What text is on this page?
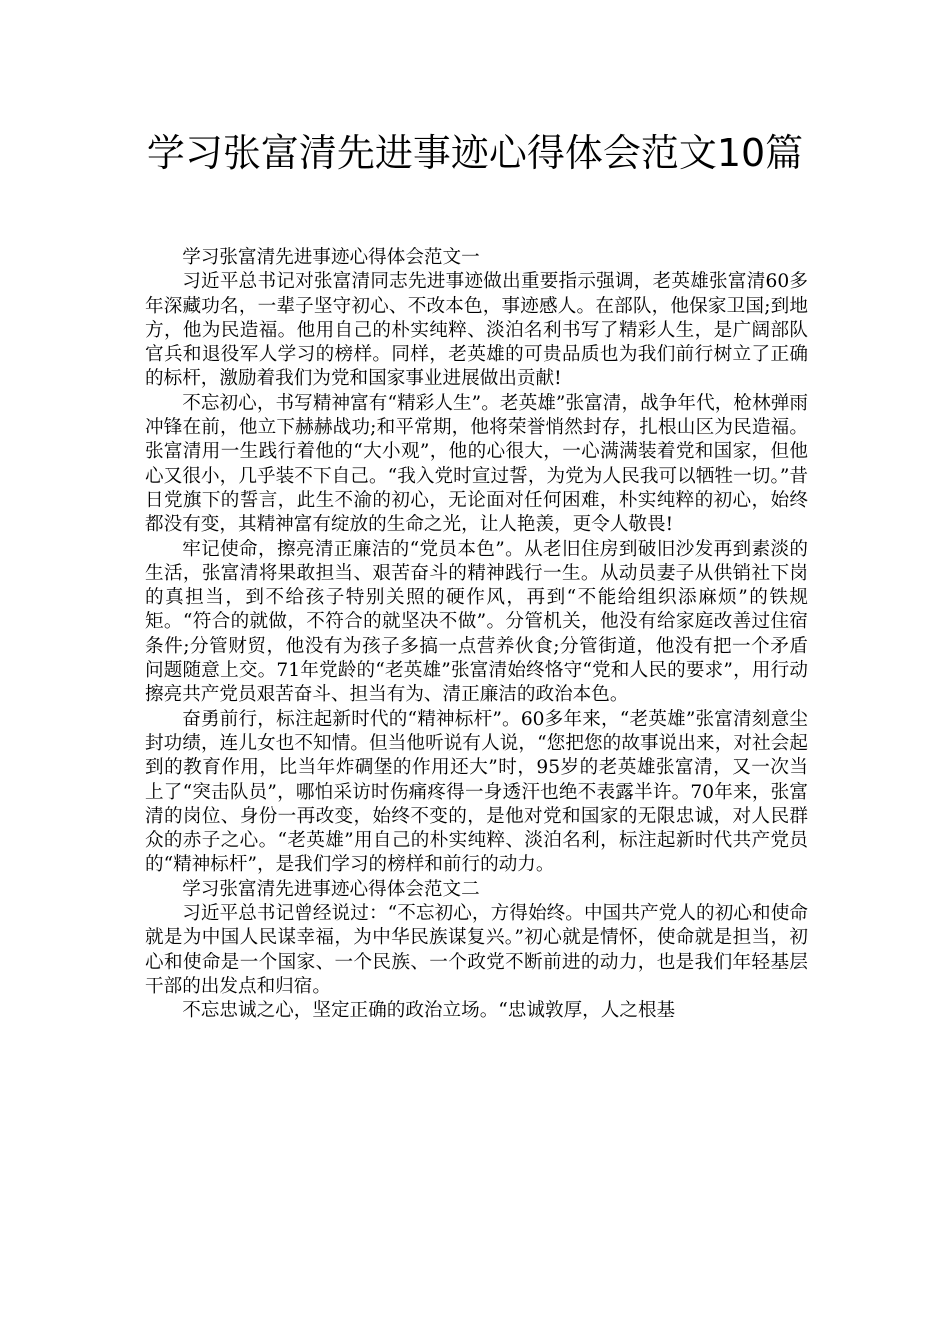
学习张富清先进事迹心得体会范文10篇

学习张富清先进事迹心得体会范文一

习近平总书记对张富清同志先进事迹做出重要指示强调，老英雄张富清60多年深藏功名，一辈子坚守初心、不改本色，事迹感人。在部队，他保家卫国;到地方，他为民造福。他用自己的朴实纯粹、淡泊名利书写了精彩人生，是广阔部队官兵和退役军人学习的榜样。同样，老英雄的可贵品质也为我们前行树立了正确的标杆，激励着我们为党和国家事业进展做出贡献!

不忘初心，书写精神富有“精彩人生”。老英雄”张富清，战争年代，枪林弹雨冲锋在前，他立下赫赫战功;和平常期，他将荣誉悄然封存，扎根山区为民造福。张富清用一生践行着他的“大小观”，他的心很大，一心满满装着党和国家，但他心又很小，几乎装不下自己。“我入党时宣过誓，为党为人民我可以牺牲一切。”昔日党旗下的誓言，此生不渝的初心，无论面对任何困难，朴实纯粹的初心，始终都没有变，其精神富有绽放的生命之光，让人艳羡，更令人敬畏!

牢记使命，擦亮清正廉洁的“党员本色”。从老旧住房到破旧沙发再到素淡的生活，张富清将果敢担当、艰苦奋斗的精神践行一生。从动员妻子从供销社下岗的真担当，到不给孩子特别关照的硬作风，再到“不能给组织添麻烦”的铁规矩。“符合的就做，不符合的就坚决不做”。分管机关，他没有给家庭改善过住宿条件;分管财贸，他没有为孩子多搞一点营养伙食;分管街道，他没有把一个矛盾问题随意上交。71年党龄的“老英雄”张富清始终恪守“党和人民的要求”，用行动擦亮共产党员艰苦奋斗、担当有为、清正廉洁的政治本色。

奋勇前行，标注起新时代的“精神标杆”。60多年来，“老英雄”张富清刻意尘封功绩，连儿女也不知情。但当他听说有人说，“您把您的故事说出来，对社会起到的教育作用，比当年炸碉堡的作用还大”时，95岁的老英雄张富清，又一次当上了“突击队员”，哪怕采访时伤痛疼得一身透汗也绝不表露半许。70年来，张富清的岗位、身份一再改变，始终不变的，是他对党和国家的无限忠诚，对人民群众的赤子之心。“老英雄”用自己的朴实纯粹、淡泊名利，标注起新时代共产党员的“精神标杆”，是我们学习的榜样和前行的动力。

学习张富清先进事迹心得体会范文二

习近平总书记曾经说过：“不忘初心，方得始终。中国共产党人的初心和使命就是为中国人民谋幸福，为中华民族谋复兴。”初心就是情怀，使命就是担当，初心和使命是一个国家、一个民族、一个政党不断前进的动力，也是我们年轻基层干部的出发点和归宿。

不忘忠诚之心，坚定正确的政治立场。“忠诚敦厚，人之根基
